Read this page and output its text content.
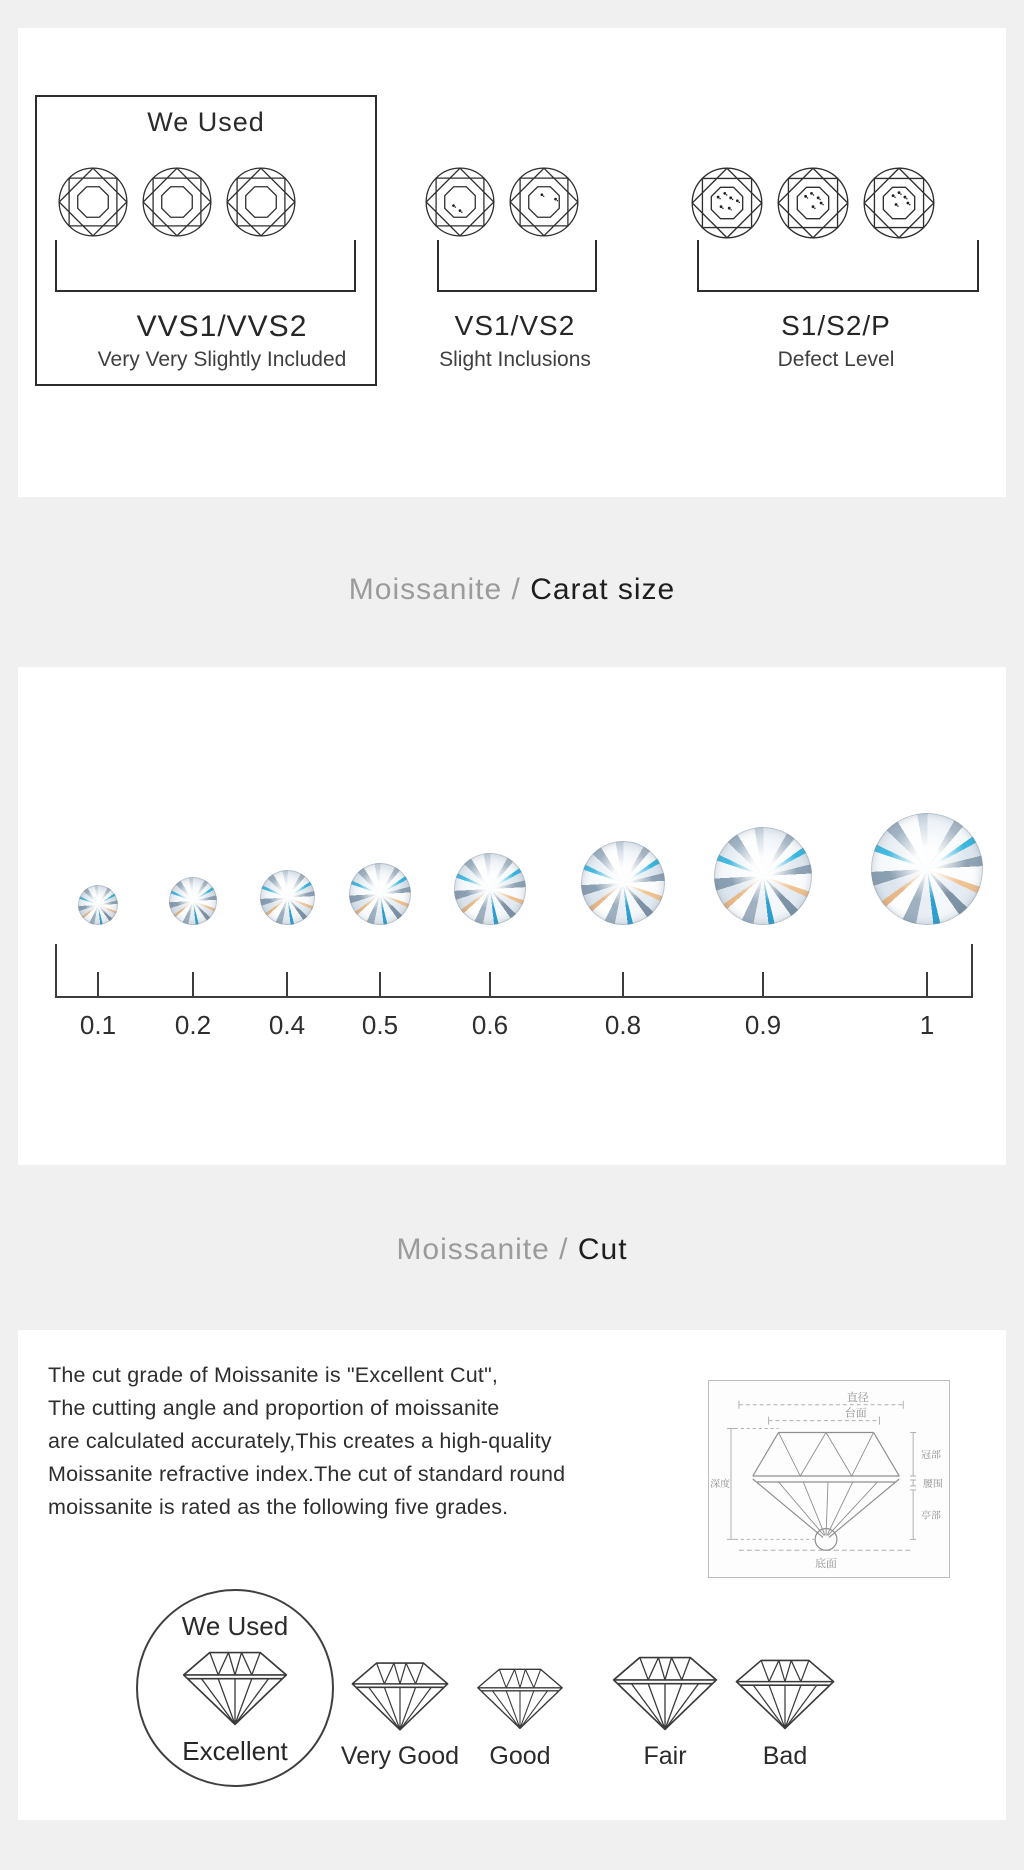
We Used
VVS1/VVS2
Very Very Slightly Included
VS1/VS2
Slight Inclusions
S1/S2/P
Defect Level
Moissanite / Carat size
0.1	0.2	0.4	0.5	0.6	0.8	0.9	1
Moissanite / Cut
The cut grade of Moissanite is "Excellent Cut",
The cutting angle and proportion of moissanite
are calculated accurately,This creates a high-quality
Moissanite refractive index.The cut of standard round
moissanite is rated as the following five grades.
直径
台面
深度
底面
冠部
腰围
亭部
We Used
Excellent	Very Good	Good	Fair	Bad
